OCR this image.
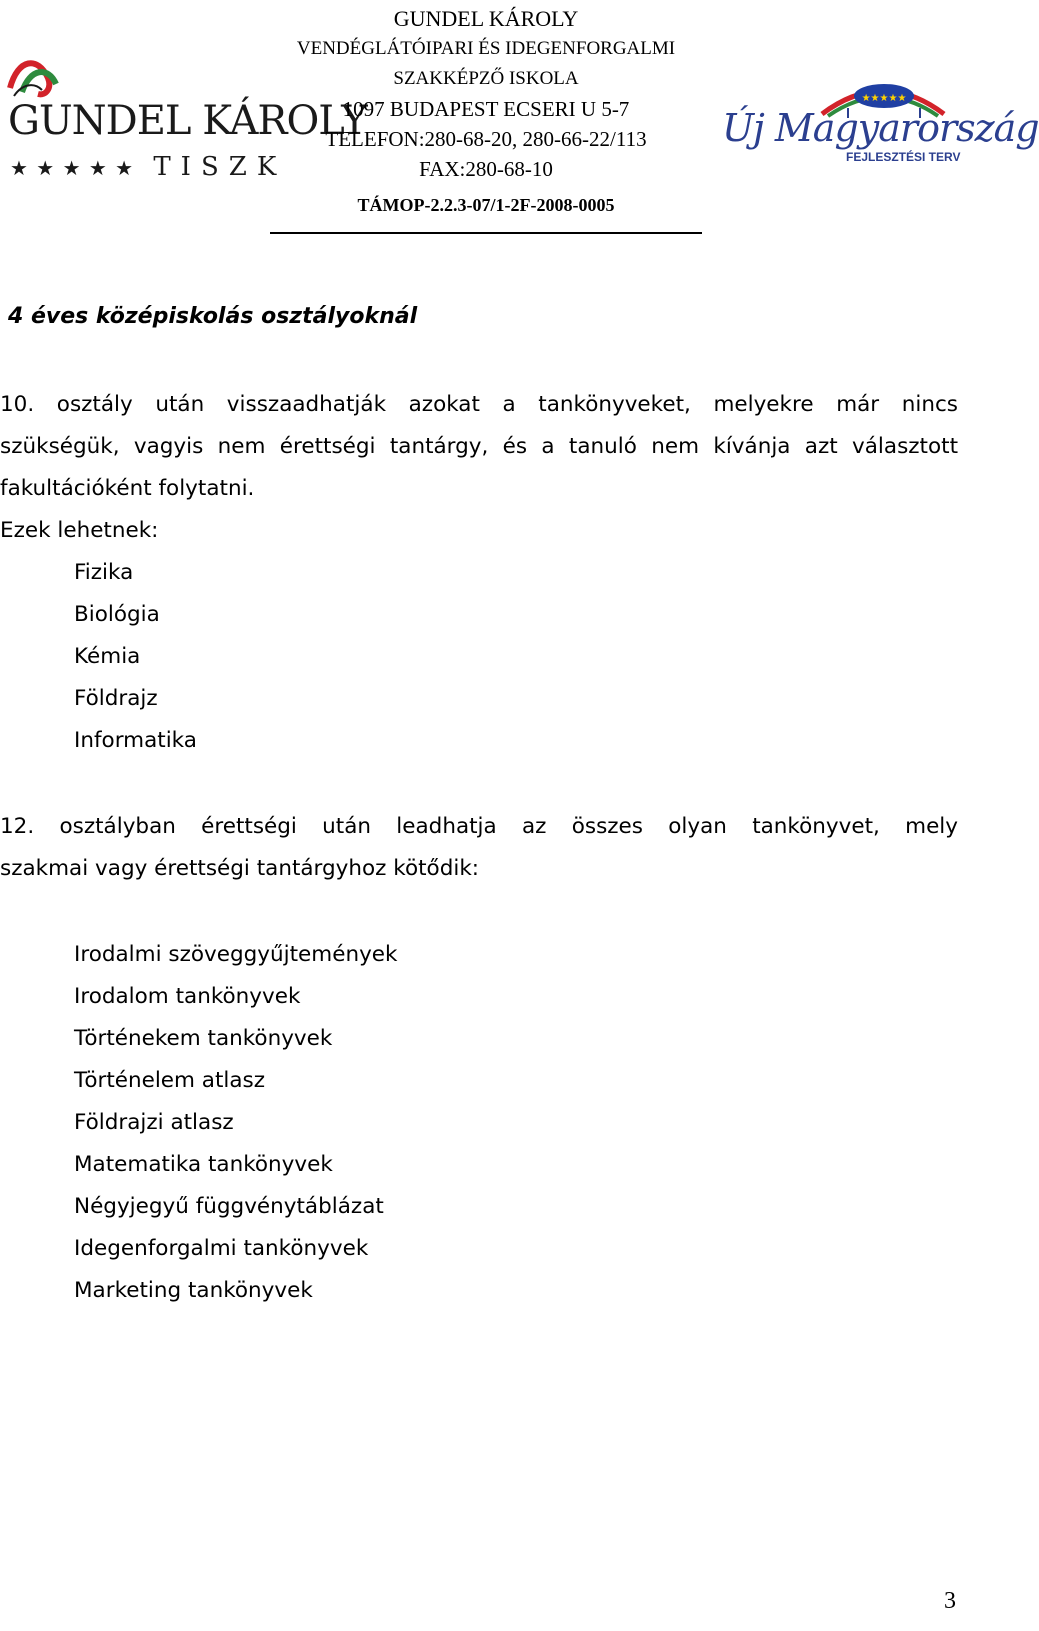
GUNDEL KÁROLY
★ ★ ★ ★ ★ TISZK
GUNDEL KÁROLY
VENDÉGLÁTÓIPARI ÉS IDEGENFORGALMI
SZAKKÉPZŐ ISKOLA
1097 BUDAPEST ECSERI U 5-7
TELEFON:280-68-20, 280-66-22/113
FAX:280-68-10
TÁMOP-2.2.3-07/1-2F-2008-0005
★★★★★
Új Magyarország
FEJLESZTÉSI TERV
4 éves középiskolás osztályoknál
10. osztály után visszaadhatják azokat a tankönyveket, melyekre már nincs
szükségük, vagyis nem érettségi tantárgy, és a tanuló nem kívánja azt választott
fakultációként folytatni.
Ezek lehetnek:
Fizika
Biológia
Kémia
Földrajz
Informatika
12. osztályban érettségi után leadhatja az összes olyan tankönyvet, mely
szakmai vagy érettségi tantárgyhoz kötődik:
Irodalmi szöveggyűjtemények
Irodalom tankönyvek
Történekem tankönyvek
Történelem atlasz
Földrajzi atlasz
Matematika tankönyvek
Négyjegyű függvénytáblázat
Idegenforgalmi tankönyvek
Marketing tankönyvek
3
